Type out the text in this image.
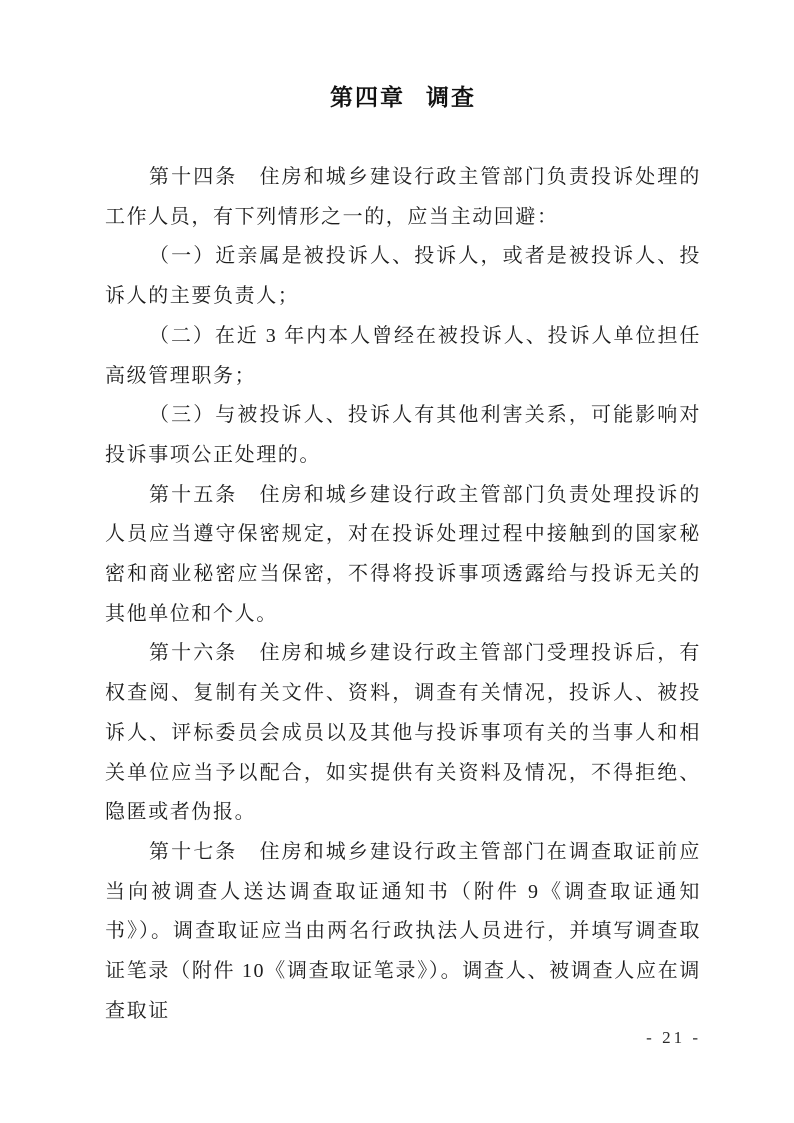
第四章 调查

第十四条　住房和城乡建设行政主管部门负责投诉处理的工作人员，有下列情形之一的，应当主动回避：

（一）近亲属是被投诉人、投诉人，或者是被投诉人、投诉人的主要负责人；

（二）在近 3 年内本人曾经在被投诉人、投诉人单位担任高级管理职务；

（三）与被投诉人、投诉人有其他利害关系，可能影响对投诉事项公正处理的。

第十五条　住房和城乡建设行政主管部门负责处理投诉的人员应当遵守保密规定，对在投诉处理过程中接触到的国家秘密和商业秘密应当保密，不得将投诉事项透露给与投诉无关的其他单位和个人。

第十六条　住房和城乡建设行政主管部门受理投诉后，有权查阅、复制有关文件、资料，调查有关情况，投诉人、被投诉人、评标委员会成员以及其他与投诉事项有关的当事人和相关单位应当予以配合，如实提供有关资料及情况，不得拒绝、隐匿或者伪报。

第十七条　住房和城乡建设行政主管部门在调查取证前应当向被调查人送达调查取证通知书（附件 9《调查取证通知书》）。调查取证应当由两名行政执法人员进行，并填写调查取证笔录（附件 10《调查取证笔录》）。调查人、被调查人应在调查取证

- 21 -
